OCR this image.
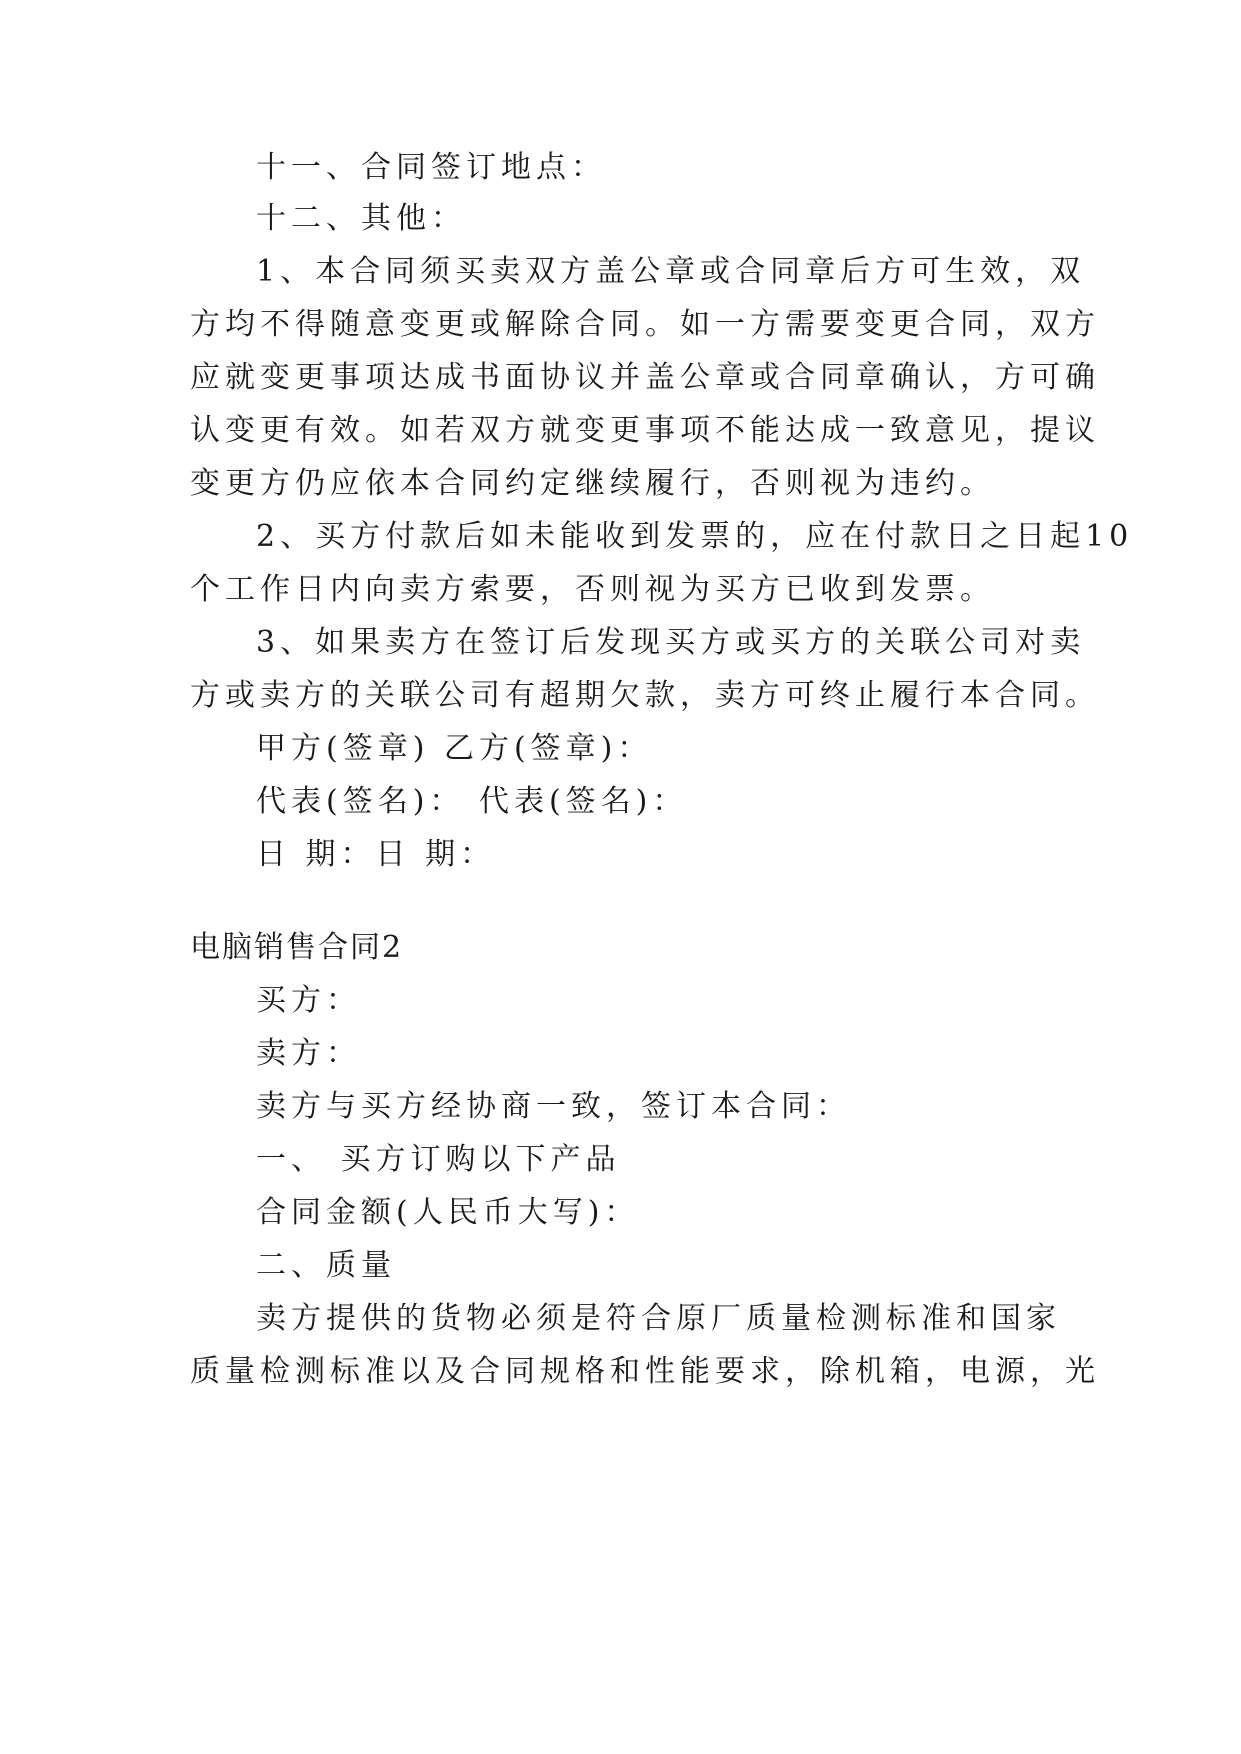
十一、合同签订地点：
十二、其他：
1、本合同须买卖双方盖公章或合同章后方可生效，双
方均不得随意变更或解除合同。如一方需要变更合同，双方
应就变更事项达成书面协议并盖公章或合同章确认，方可确
认变更有效。如若双方就变更事项不能达成一致意见，提议
变更方仍应依本合同约定继续履行，否则视为违约。
2、买方付款后如未能收到发票的，应在付款日之日起10
个工作日内向卖方索要，否则视为买方已收到发票。
3、如果卖方在签订后发现买方或买方的关联公司对卖
方或卖方的关联公司有超期欠款，卖方可终止履行本合同。
甲方(签章) 乙方(签章)：
代表(签名)： 代表(签名)：
日 期：日 期：
电脑销售合同2
买方：
卖方：
卖方与买方经协商一致，签订本合同：
一、 买方订购以下产品
合同金额(人民币大写)：
二、质量
卖方提供的货物必须是符合原厂质量检测标准和国家
质量检测标准以及合同规格和性能要求，除机箱，电源，光
